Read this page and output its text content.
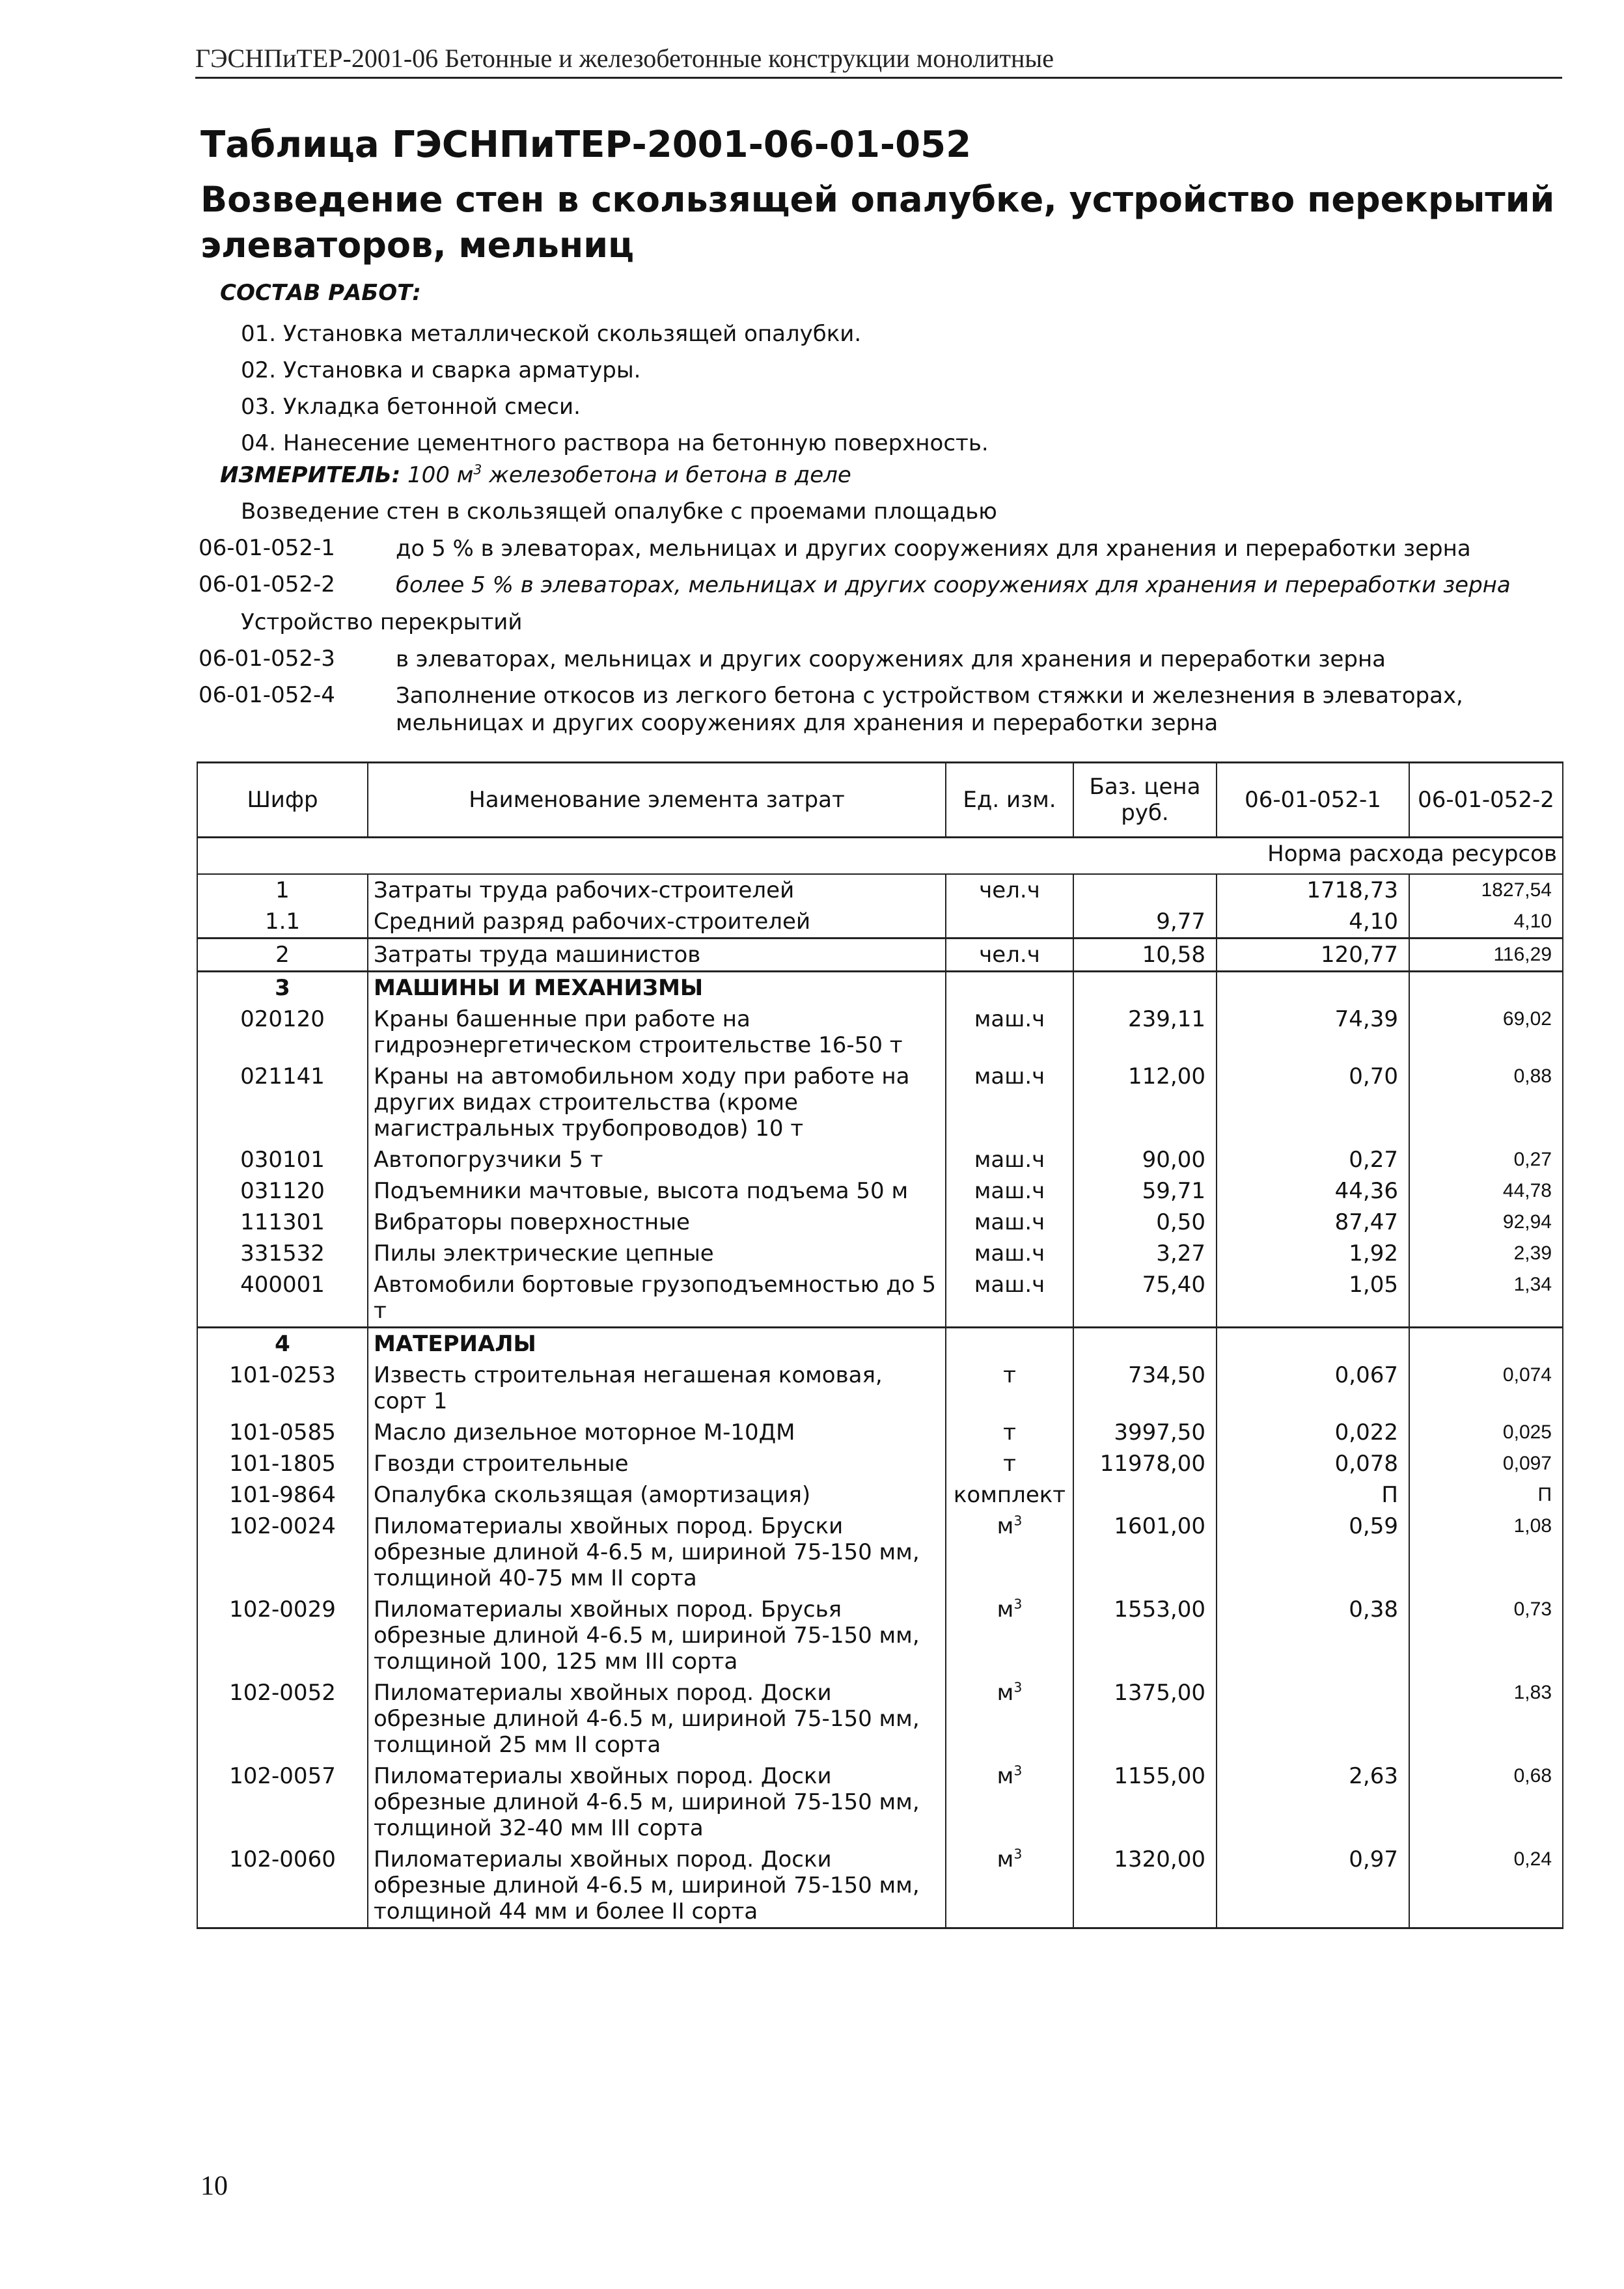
ГЭСНПиТЕР-2001-06 Бетонные и железобетонные конструкции монолитные
Таблица ГЭСНПиТЕР-2001-06-01-052
Возведение стен в скользящей опалубке, устройство перекрытий элеваторов, мельниц
СОСТАВ РАБОТ:
01. Установка металлической скользящей опалубки.
02. Установка и сварка арматуры.
03. Укладка бетонной смеси.
04. Нанесение цементного раствора на бетонную поверхность.
ИЗМЕРИТЕЛЬ: 100 $м^3$ железобетона и бетона в деле
Возведение стен в скользящей опалубке с проемами площадью
06-01-052-1	до 5 % в элеваторах, мельницах и других сооружениях для хранения и переработки зерна
06-01-052-2	более 5 % в элеваторах, мельницах и других сооружениях для хранения и переработки зерна
Устройство перекрытий
06-01-052-3	в элеваторах, мельницах и других сооружениях для хранения и переработки зерна
06-01-052-4	Заполнение откосов из легкого бетона с устройством стяжки и железнения в элеваторах, мельницах и других сооружениях для хранения и переработки зерна
Шифр	Наименование элемента затрат	Ед. изм.	Баз. цена руб.	06-01-052-1	06-01-052-2
Норма расхода ресурсов					
1	Затраты труда рабочих-строителей	чел.ч		1718,73	1827,54
1.1	Средний разряд рабочих-строителей		9,77	4,10	4,10
2	Затраты труда машинистов	чел.ч	10,58	120,77	116,29
3	МАШИНЫ И МЕХАНИЗМЫ				
020120	Краны башенные при работе на гидроэнергетическом строительстве 16-50 т	маш.ч	239,11	74,39	69,02
021141	Краны на автомобильном ходу при работе на других видах строительства (кроме магистральных трубопроводов) 10 т	маш.ч	112,00	0,70	0,88
030101	Автопогрузчики 5 т	маш.ч	90,00	0,27	0,27
031120	Подъемники мачтовые, высота подъема 50 м	маш.ч	59,71	44,36	44,78
111301	Вибраторы поверхностные	маш.ч	0,50	87,47	92,94
331532	Пилы электрические цепные	маш.ч	3,27	1,92	2,39
400001	Автомобили бортовые грузоподъемностью до 5 т	маш.ч	75,40	1,05	1,34
4	МАТЕРИАЛЫ				
101-0253	Известь строительная негашеная комовая, сорт 1	т	734,50	0,067	0,074
101-0585	Масло дизельное моторное М-10ДМ	т	3997,50	0,022	0,025
101-1805	Гвозди строительные	т	11978,00	0,078	0,097
101-9864	Опалубка скользящая (амортизация)	комплект		П	П
102-0024	Пиломатериалы хвойных пород. Бруски обрезные длиной 4-6.5 м, шириной 75-150 мм, толщиной 40-75 мм II сорта	$м^3$	1601,00	0,59	1,08
102-0029	Пиломатериалы хвойных пород. Брусья обрезные длиной 4-6.5 м, шириной 75-150 мм, толщиной 100, 125 мм III сорта	$м^3$	1553,00	0,38	0,73
102-0052	Пиломатериалы хвойных пород. Доски обрезные длиной 4-6.5 м, шириной 75-150 мм, толщиной 25 мм II сорта	$м^3$	1375,00		1,83
102-0057	Пиломатериалы хвойных пород. Доски обрезные длиной 4-6.5 м, шириной 75-150 мм, толщиной 32-40 мм III сорта	$м^3$	1155,00	2,63	0,68
102-0060	Пиломатериалы хвойных пород. Доски обрезные длиной 4-6.5 м, шириной 75-150 мм, толщиной 44 мм и более II сорта	$м^3$	1320,00	0,97	0,24
10
